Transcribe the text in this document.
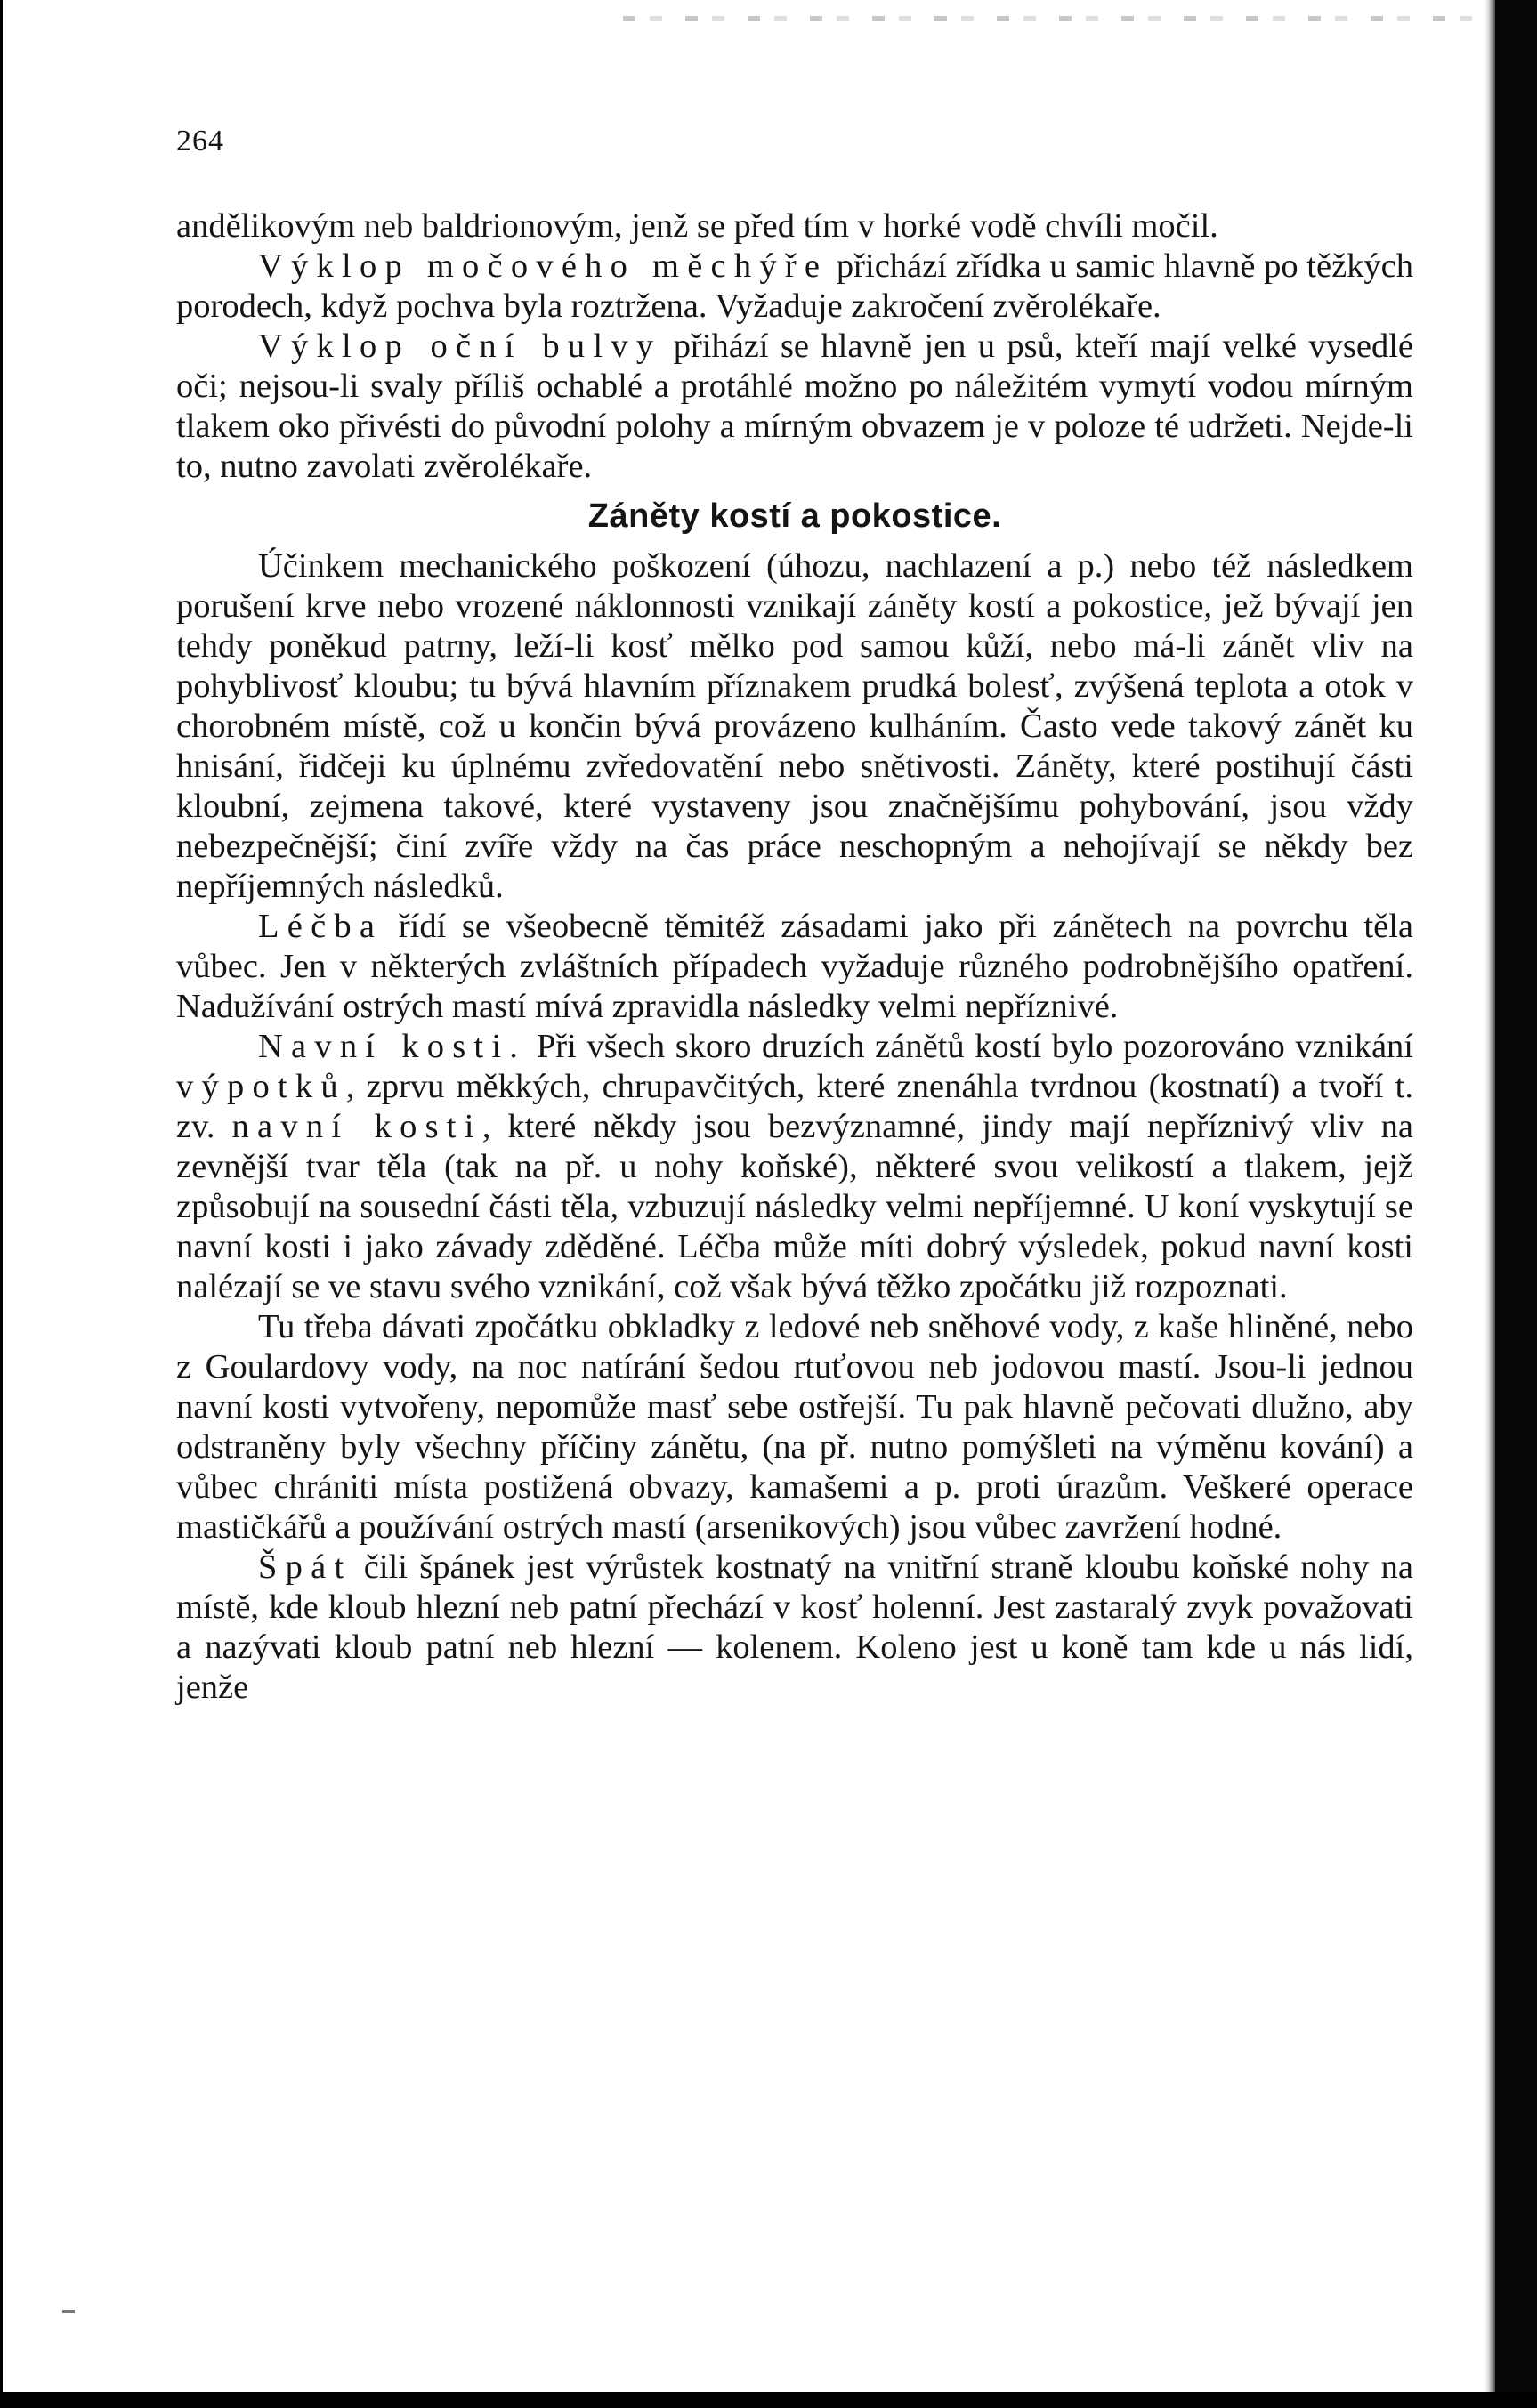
264

andělikovým neb baldrionovým, jenž se před tím v horké vodě chvíli močil.

Výklop močového měchýře přichází zřídka u samic hlavně po těžkých porodech, když pochva byla roztržena. Vyžaduje zakročení zvěrolékaře.

Výklop oční bulvy přihází se hlavně jen u psů, kteří mají velké vysedlé oči; nejsou-li svaly příliš ochablé a protáhlé možno po náležitém vymytí vodou mírným tlakem oko přivésti do původní polohy a mírným obvazem je v poloze té udržeti. Nejde-li to, nutno zavolati zvěrolékaře.

Záněty kostí a pokostice.

Účinkem mechanického poškození (úhozu, nachlazení a p.) nebo též následkem porušení krve nebo vrozené náklonnosti vznikají záněty kostí a pokostice, jež bývají jen tehdy poněkud patrny, leží-li kosť mělko pod samou kůží, nebo má-li zánět vliv na pohyblivosť kloubu; tu bývá hlavním příznakem prudká bolesť, zvýšená teplota a otok v chorobném místě, což u končin bývá provázeno kulháním. Často vede takový zánět ku hnisání, řidčeji ku úplnému zvředovatění nebo snětivosti. Záněty, které postihují části kloubní, zejmena takové, které vystaveny jsou značnějšímu pohybování, jsou vždy nebezpečnější; činí zvíře vždy na čas práce neschopným a nehojívají se někdy bez nepříjemných následků.

Léčba řídí se všeobecně těmitéž zásadami jako při zánětech na povrchu těla vůbec. Jen v některých zvláštních případech vyžaduje různého podrobnějšího opatření. Nadužívání ostrých mastí mívá zpravidla následky velmi nepříznivé.

Navní kosti. Při všech skoro druzích zánětů kostí bylo pozorováno vznikání výpotků, zprvu měkkých, chrupavčitých, které znenáhla tvrdnou (kostnatí) a tvoří t. zv. navní kosti, které někdy jsou bezvýznamné, jindy mají nepříznivý vliv na zevnější tvar těla (tak na př. u nohy koňské), některé svou velikostí a tlakem, jejž způsobují na sousední části těla, vzbuzují následky velmi nepříjemné. U koní vyskytují se navní kosti i jako závady zděděné. Léčba může míti dobrý výsledek, pokud navní kosti nalézají se ve stavu svého vznikání, což však bývá těžko zpočátku již rozpoznati.

Tu třeba dávati zpočátku obkladky z ledové neb sněhové vody, z kaše hliněné, nebo z Goulardovy vody, na noc natírání šedou rtuťovou neb jodovou mastí. Jsou-li jednou navní kosti vytvořeny, nepomůže masť sebe ostřejší. Tu pak hlavně pečovati dlužno, aby odstraněny byly všechny příčiny zánětu, (na př. nutno pomýšleti na výměnu kování) a vůbec chrániti místa postižená obvazy, kamašemi a p. proti úrazům. Veškeré operace mastičkářů a používání ostrých mastí (arsenikových) jsou vůbec zavržení hodné.

Špát čili špánek jest výrůstek kostnatý na vnitřní straně kloubu koňské nohy na místě, kde kloub hlezní neb patní přechází v kosť holenní. Jest zastaralý zvyk považovati a nazývati kloub patní neb hlezní — kolenem. Koleno jest u koně tam kde u nás lidí, jenže
